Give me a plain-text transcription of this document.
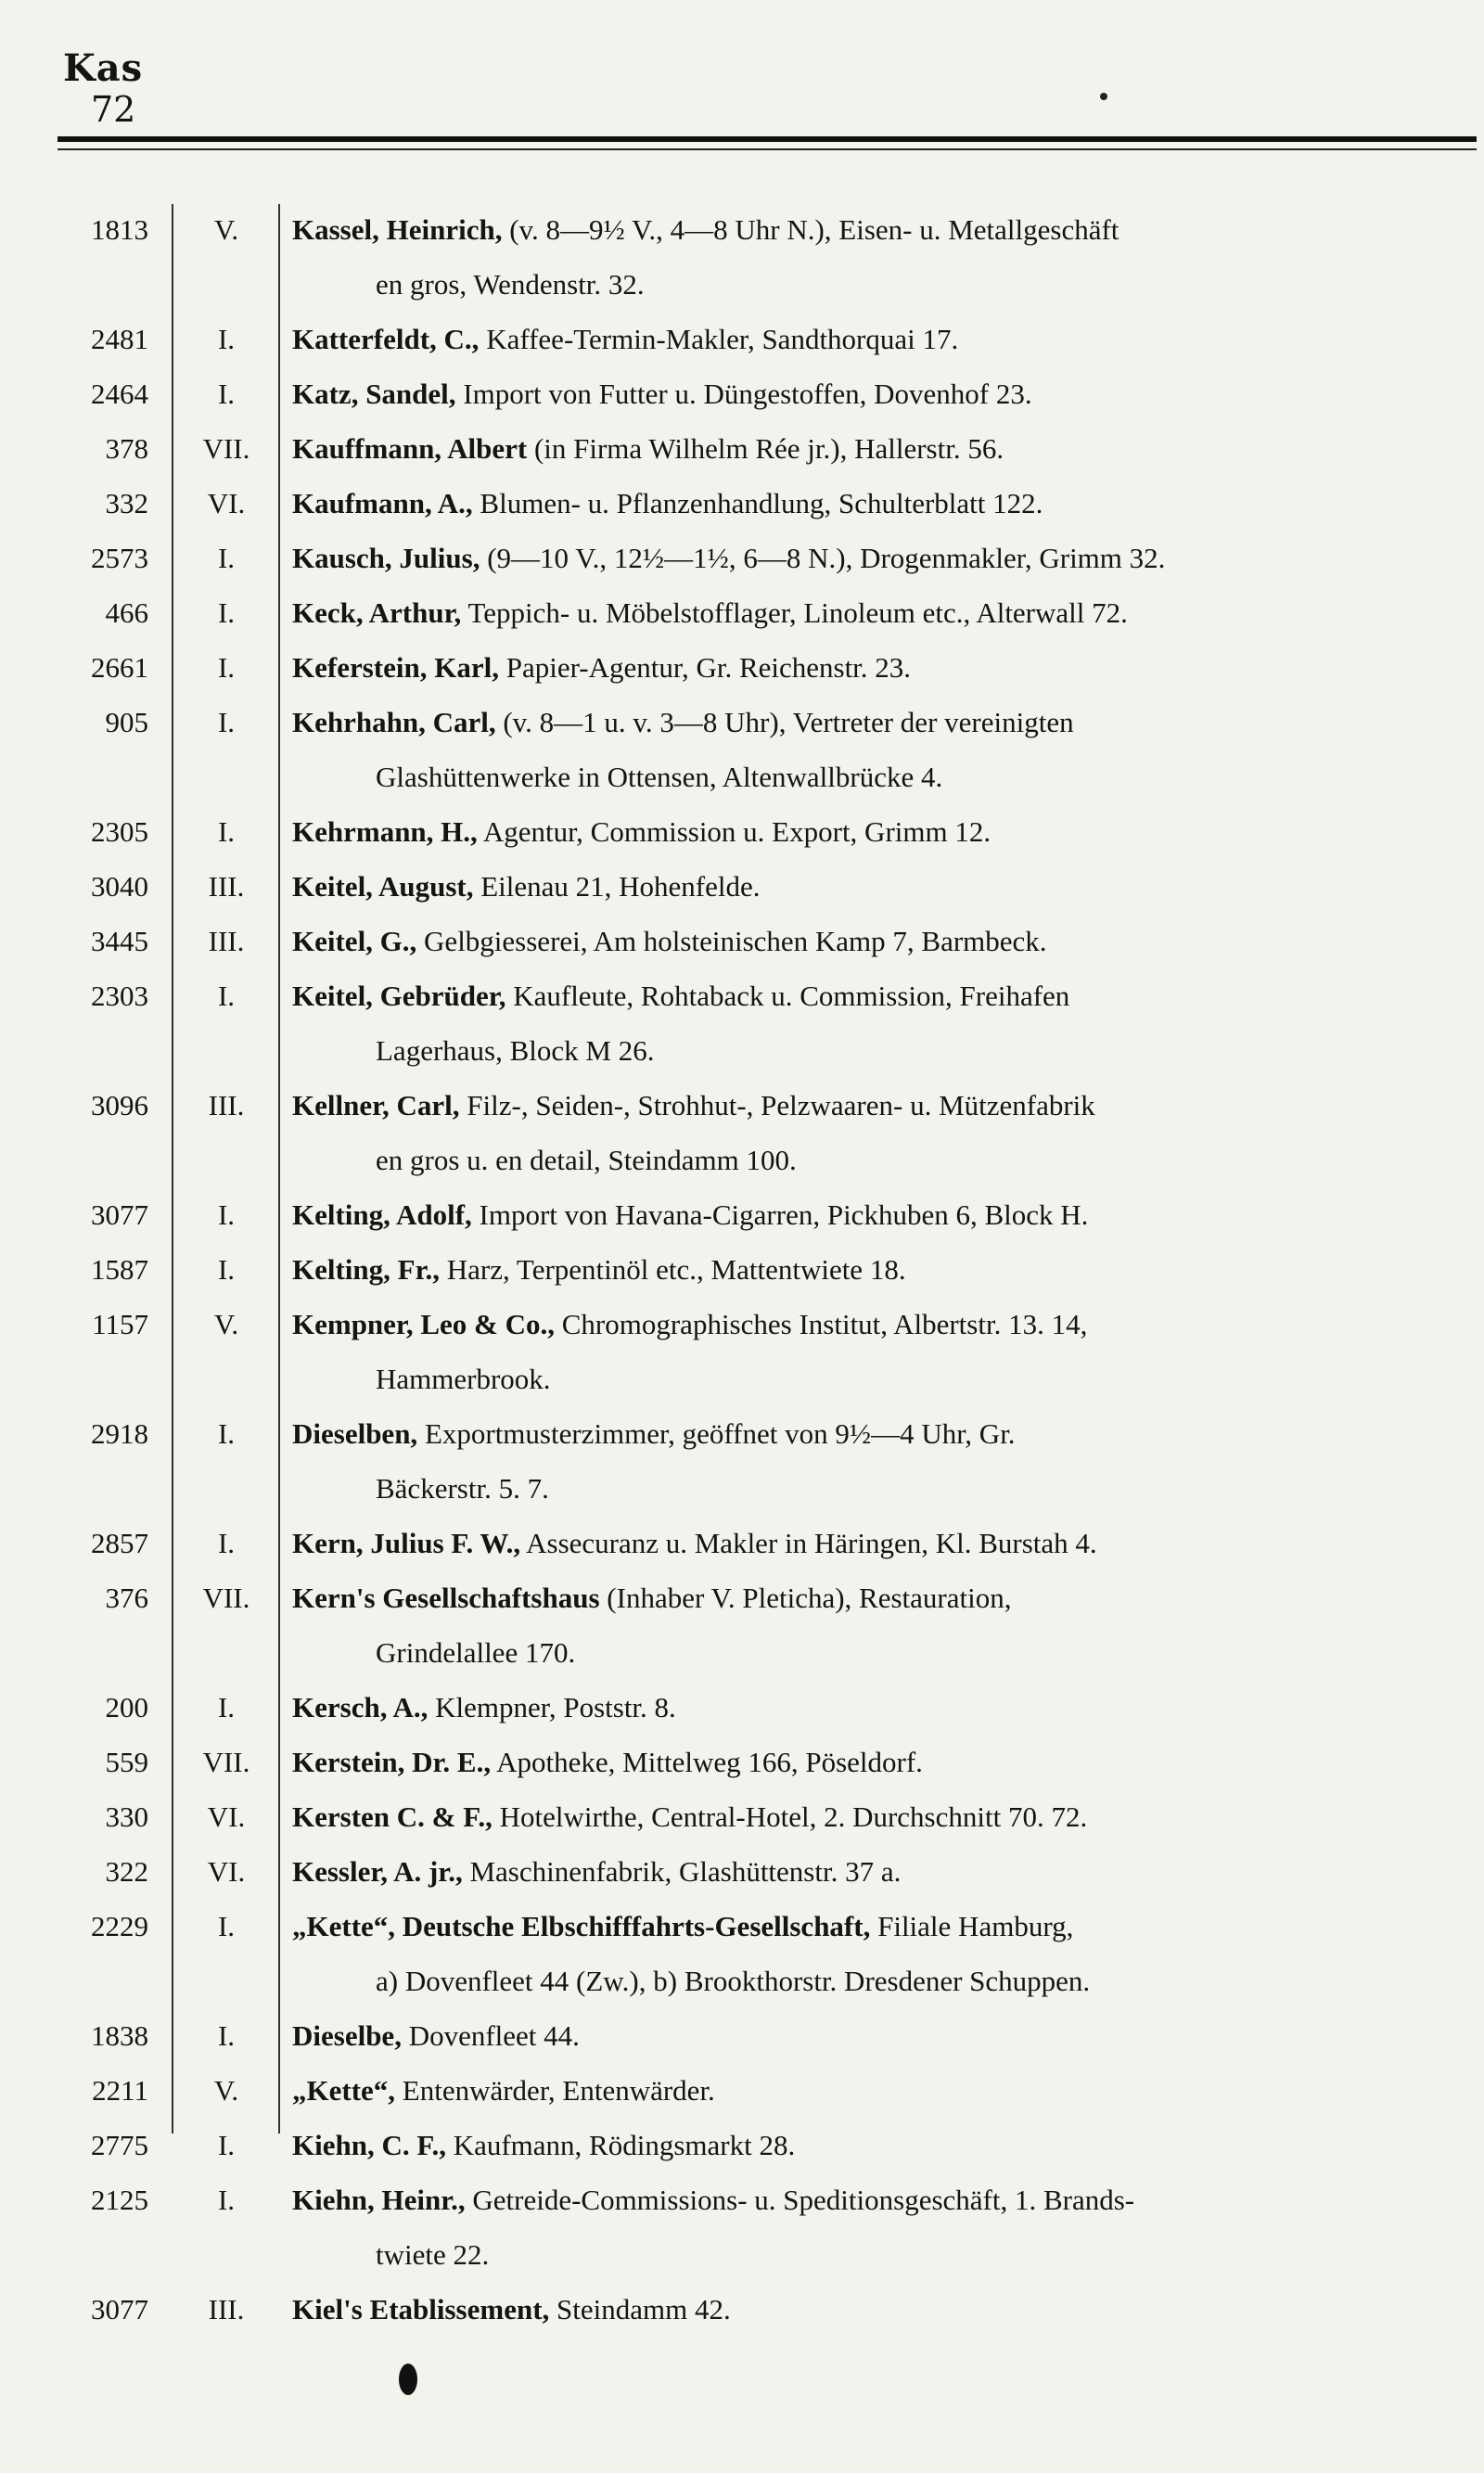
Kas
72
1813	V.	Kassel, Heinrich, (v. 8—9½ V., 4—8 Uhr N.), Eisen- u. Metallgeschäft
en gros, Wendenstr. 32.
2481	I.	Katterfeldt, C., Kaffee-Termin-Makler, Sandthorquai 17.
2464	I.	Katz, Sandel, Import von Futter u. Düngestoffen, Dovenhof 23.
378	VII.	Kauffmann, Albert (in Firma Wilhelm Rée jr.), Hallerstr. 56.
332	VI.	Kaufmann, A., Blumen- u. Pflanzenhandlung, Schulterblatt 122.
2573	I.	Kausch, Julius, (9—10 V., 12½—1½, 6—8 N.), Drogenmakler, Grimm 32.
466	I.	Keck, Arthur, Teppich- u. Möbelstofflager, Linoleum etc., Alterwall 72.
2661	I.	Keferstein, Karl, Papier-Agentur, Gr. Reichenstr. 23.
905	I.	Kehrhahn, Carl, (v. 8—1 u. v. 3—8 Uhr), Vertreter der vereinigten
Glashüttenwerke in Ottensen, Altenwallbrücke 4.
2305	I.	Kehrmann, H., Agentur, Commission u. Export, Grimm 12.
3040	III.	Keitel, August, Eilenau 21, Hohenfelde.
3445	III.	Keitel, G., Gelbgiesserei, Am holsteinischen Kamp 7, Barmbeck.
2303	I.	Keitel, Gebrüder, Kaufleute, Rohtaback u. Commission, Freihafen
Lagerhaus, Block M 26.
3096	III.	Kellner, Carl, Filz-, Seiden-, Strohhut-, Pelzwaaren- u. Mützenfabrik
en gros u. en detail, Steindamm 100.
3077	I.	Kelting, Adolf, Import von Havana-Cigarren, Pickhuben 6, Block H.
1587	I.	Kelting, Fr., Harz, Terpentinöl etc., Mattentwiete 18.
1157	V.	Kempner, Leo & Co., Chromographisches Institut, Albertstr. 13. 14,
Hammerbrook.
2918	I.	Dieselben, Exportmusterzimmer, geöffnet von 9½—4 Uhr, Gr.
Bäckerstr. 5. 7.
2857	I.	Kern, Julius F. W., Assecuranz u. Makler in Häringen, Kl. Burstah 4.
376	VII.	Kern's Gesellschaftshaus (Inhaber V. Pleticha), Restauration,
Grindelallee 170.
200	I.	Kersch, A., Klempner, Poststr. 8.
559	VII.	Kerstein, Dr. E., Apotheke, Mittelweg 166, Pöseldorf.
330	VI.	Kersten C. & F., Hotelwirthe, Central-Hotel, 2. Durchschnitt 70. 72.
322	VI.	Kessler, A. jr., Maschinenfabrik, Glashüttenstr. 37 a.
2229	I.	„Kette“, Deutsche Elbschifffahrts-Gesellschaft, Filiale Hamburg,
a) Dovenfleet 44 (Zw.), b) Brookthorstr. Dresdener Schuppen.
1838	I.	Dieselbe, Dovenfleet 44.
2211	V.	„Kette“, Entenwärder, Entenwärder.
2775	I.	Kiehn, C. F., Kaufmann, Rödingsmarkt 28.
2125	I.	Kiehn, Heinr., Getreide-Commissions- u. Speditionsgeschäft, 1. Brands-
twiete 22.
3077	III.	Kiel's Etablissement, Steindamm 42.
